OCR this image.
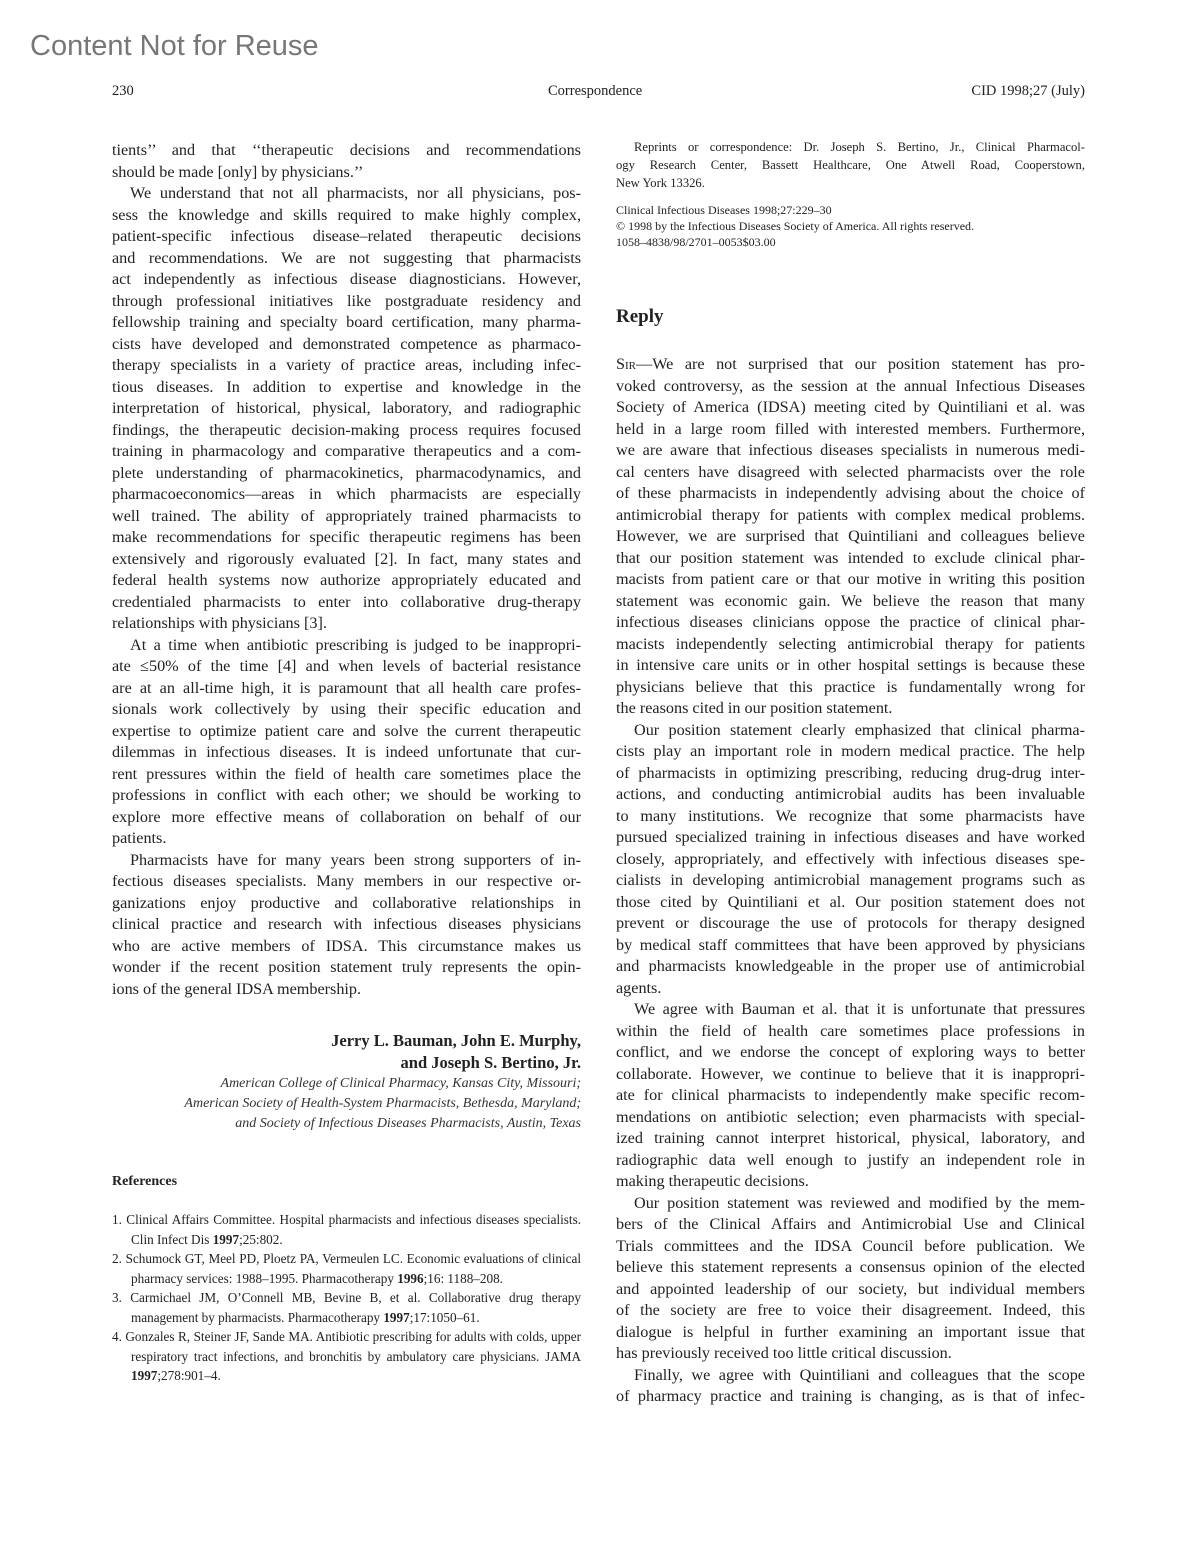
Content Not for Reuse
230	Correspondence	CID 1998;27 (July)
tients’’ and that ‘‘therapeutic decisions and recommendations
should be made [only] by physicians.’’
We understand that not all pharmacists, nor all physicians, pos-
sess the knowledge and skills required to make highly complex,
patient-specific infectious disease–related therapeutic decisions
and recommendations. We are not suggesting that pharmacists
act independently as infectious disease diagnosticians. However,
through professional initiatives like postgraduate residency and
fellowship training and specialty board certification, many pharma-
cists have developed and demonstrated competence as pharmaco-
therapy specialists in a variety of practice areas, including infec-
tious diseases. In addition to expertise and knowledge in the
interpretation of historical, physical, laboratory, and radiographic
findings, the therapeutic decision-making process requires focused
training in pharmacology and comparative therapeutics and a com-
plete understanding of pharmacokinetics, pharmacodynamics, and
pharmacoeconomics—areas in which pharmacists are especially
well trained. The ability of appropriately trained pharmacists to
make recommendations for specific therapeutic regimens has been
extensively and rigorously evaluated [2]. In fact, many states and
federal health systems now authorize appropriately educated and
credentialed pharmacists to enter into collaborative drug-therapy
relationships with physicians [3].
At a time when antibiotic prescribing is judged to be inappropri-
ate ≤50% of the time [4] and when levels of bacterial resistance
are at an all-time high, it is paramount that all health care profes-
sionals work collectively by using their specific education and
expertise to optimize patient care and solve the current therapeutic
dilemmas in infectious diseases. It is indeed unfortunate that cur-
rent pressures within the field of health care sometimes place the
professions in conflict with each other; we should be working to
explore more effective means of collaboration on behalf of our
patients.
Pharmacists have for many years been strong supporters of in-
fectious diseases specialists. Many members in our respective or-
ganizations enjoy productive and collaborative relationships in
clinical practice and research with infectious diseases physicians
who are active members of IDSA. This circumstance makes us
wonder if the recent position statement truly represents the opin-
ions of the general IDSA membership.
Jerry L. Bauman, John E. Murphy,
and Joseph S. Bertino, Jr.
American College of Clinical Pharmacy, Kansas City, Missouri;
American Society of Health-System Pharmacists, Bethesda, Maryland;
and Society of Infectious Diseases Pharmacists, Austin, Texas
References
1. Clinical Affairs Committee. Hospital pharmacists and infectious diseases specialists. Clin Infect Dis 1997;25:802.
2. Schumock GT, Meel PD, Ploetz PA, Vermeulen LC. Economic evaluations of clinical pharmacy services: 1988–1995. Pharmacotherapy 1996;16: 1188–208.
3. Carmichael JM, O’Connell MB, Bevine B, et al. Collaborative drug therapy management by pharmacists. Pharmacotherapy 1997;17:1050–61.
4. Gonzales R, Steiner JF, Sande MA. Antibiotic prescribing for adults with colds, upper respiratory tract infections, and bronchitis by ambulatory care physicians. JAMA 1997;278:901–4.
Reprints or correspondence: Dr. Joseph S. Bertino, Jr., Clinical Pharmacol-
ogy Research Center, Bassett Healthcare, One Atwell Road, Cooperstown,
New York 13326.
Clinical Infectious Diseases 1998;27:229–30
© 1998 by the Infectious Diseases Society of America. All rights reserved.
1058–4838/98/2701–0053$03.00
Reply
Sir—We are not surprised that our position statement has pro-
voked controversy, as the session at the annual Infectious Diseases
Society of America (IDSA) meeting cited by Quintiliani et al. was
held in a large room filled with interested members. Furthermore,
we are aware that infectious diseases specialists in numerous medi-
cal centers have disagreed with selected pharmacists over the role
of these pharmacists in independently advising about the choice of
antimicrobial therapy for patients with complex medical problems.
However, we are surprised that Quintiliani and colleagues believe
that our position statement was intended to exclude clinical phar-
macists from patient care or that our motive in writing this position
statement was economic gain. We believe the reason that many
infectious diseases clinicians oppose the practice of clinical phar-
macists independently selecting antimicrobial therapy for patients
in intensive care units or in other hospital settings is because these
physicians believe that this practice is fundamentally wrong for
the reasons cited in our position statement.
Our position statement clearly emphasized that clinical pharma-
cists play an important role in modern medical practice. The help
of pharmacists in optimizing prescribing, reducing drug-drug inter-
actions, and conducting antimicrobial audits has been invaluable
to many institutions. We recognize that some pharmacists have
pursued specialized training in infectious diseases and have worked
closely, appropriately, and effectively with infectious diseases spe-
cialists in developing antimicrobial management programs such as
those cited by Quintiliani et al. Our position statement does not
prevent or discourage the use of protocols for therapy designed
by medical staff committees that have been approved by physicians
and pharmacists knowledgeable in the proper use of antimicrobial
agents.
We agree with Bauman et al. that it is unfortunate that pressures
within the field of health care sometimes place professions in
conflict, and we endorse the concept of exploring ways to better
collaborate. However, we continue to believe that it is inappropri-
ate for clinical pharmacists to independently make specific recom-
mendations on antibiotic selection; even pharmacists with special-
ized training cannot interpret historical, physical, laboratory, and
radiographic data well enough to justify an independent role in
making therapeutic decisions.
Our position statement was reviewed and modified by the mem-
bers of the Clinical Affairs and Antimicrobial Use and Clinical
Trials committees and the IDSA Council before publication. We
believe this statement represents a consensus opinion of the elected
and appointed leadership of our society, but individual members
of the society are free to voice their disagreement. Indeed, this
dialogue is helpful in further examining an important issue that
has previously received too little critical discussion.
Finally, we agree with Quintiliani and colleagues that the scope
of pharmacy practice and training is changing, as is that of infec-
